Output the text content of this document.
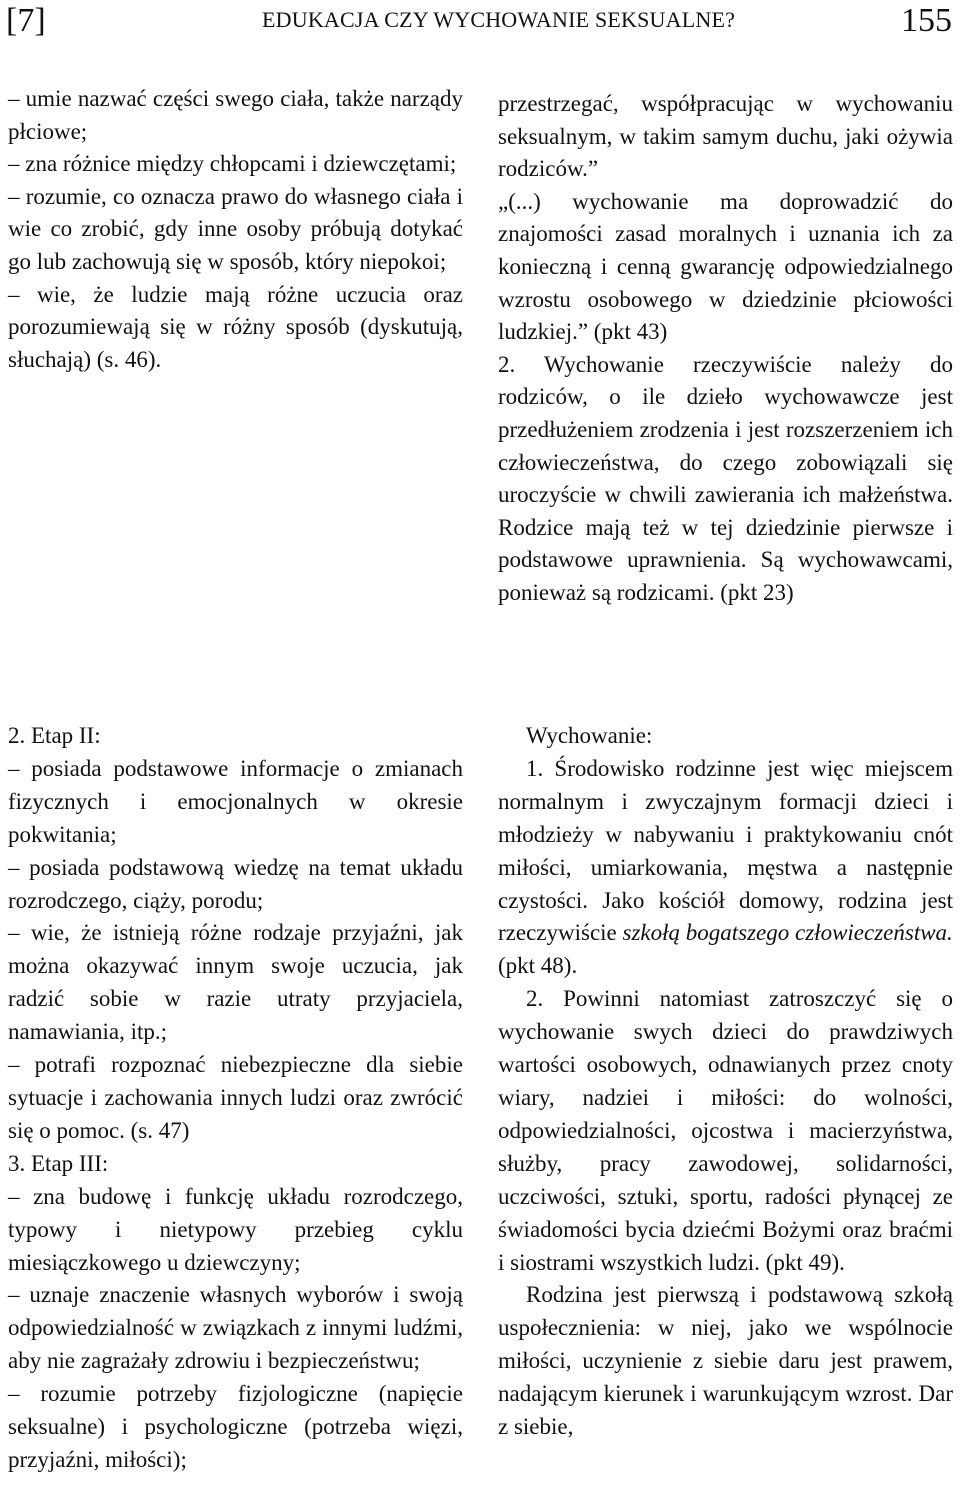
[7]	EDUKACJA CZY WYCHOWANIE SEKSUALNE?	155

– umie nazwać części swego ciała, także narządy płciowe;

– zna różnice między chłopcami i dziewczętami;

– rozumie, co oznacza prawo do własnego ciała i wie co zrobić, gdy inne osoby próbują dotykać go lub zachowują się w sposób, który niepokoi;

– wie, że ludzie mają różne uczucia oraz porozumiewają się w różny sposób (dyskutują, słuchają) (s. 46).

przestrzegać, współpracując w wychowaniu seksualnym, w takim samym duchu, jaki ożywia rodziców.”

„(...) wychowanie ma doprowadzić do znajomości zasad moralnych i uznania ich za konieczną i cenną gwarancję odpowiedzialnego wzrostu osobowego w dziedzinie płciowości ludzkiej.” (pkt 43)

2. Wychowanie rzeczywiście należy do rodziców, o ile dzieło wychowawcze jest przedłużeniem zrodzenia i jest rozszerzeniem ich człowieczeństwa, do czego zobowiązali się uroczyście w chwili zawierania ich małżeństwa. Rodzice mają też w tej dziedzinie pierwsze i podstawowe uprawnienia. Są wychowawcami, ponieważ są rodzicami. (pkt 23)

2. Etap II:

– posiada podstawowe informacje o zmianach fizycznych i emocjonalnych w okresie pokwitania;

– posiada podstawową wiedzę na temat układu rozrodczego, ciąży, porodu;

– wie, że istnieją różne rodzaje przyjaźni, jak można okazywać innym swoje uczucia, jak radzić sobie w razie utraty przyjaciela, namawiania, itp.;

– potrafi rozpoznać niebezpieczne dla siebie sytuacje i zachowania innych ludzi oraz zwrócić się o pomoc. (s. 47)

3. Etap III:

– zna budowę i funkcję układu rozrodczego, typowy i nietypowy przebieg cyklu miesiączkowego u dziewczyny;

– uznaje znaczenie własnych wyborów i swoją odpowiedzialność w związkach z innymi ludźmi, aby nie zagrażały zdrowiu i bezpieczeństwu;

– rozumie potrzeby fizjologiczne (napięcie seksualne) i psychologiczne (potrzeba więzi, przyjaźni, miłości);

Wychowanie:

1. Środowisko rodzinne jest więc miejscem normalnym i zwyczajnym formacji dzieci i młodzieży w nabywaniu i praktykowaniu cnót miłości, umiarkowania, męstwa a następnie czystości. Jako kościół domowy, rodzina jest rzeczywiście szkołą bogatszego człowieczeństwa.
(pkt 48).

2. Powinni natomiast zatroszczyć się o wychowanie swych dzieci do prawdziwych wartości osobowych, odnawianych przez cnoty wiary, nadziei i miłości: do wolności, odpowiedzialności, ojcostwa i macierzyństwa, służby, pracy zawodowej, solidarności, uczciwości, sztuki, sportu, radości płynącej ze świadomości bycia dziećmi Bożymi oraz braćmi i siostrami wszystkich ludzi. (pkt 49).

Rodzina jest pierwszą i podstawową szkołą uspołecznienia: w niej, jako we wspólnocie miłości, uczynienie z siebie daru jest prawem, nadającym kierunek i warunkującym wzrost. Dar z siebie,
